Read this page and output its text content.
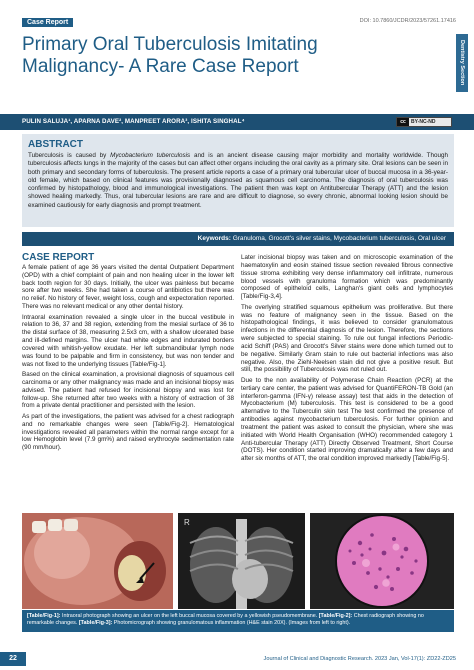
Case Report	DOI: 10.7860/JCDR/2023/57261.17416
Dentistry Section
Primary Oral Tuberculosis Imitating Malignancy- A Rare Case Report
PULIN SALUJA¹, APARNA DAVE², MANPREET ARORA³, ISHITA SINGHAL⁴	cc	BY-NC-ND
ABSTRACT

Tuberculosis is caused by Mycobacterium tuberculosis and is an ancient disease causing major morbidity and mortality worldwide. Though tuberculosis affects lungs in the majority of the cases but can affect other organs including the oral cavity as a primary site. Oral lesions can be seen in both primary and secondary forms of tuberculosis. The present article reports a case of a primary oral tubercular ulcer of buccal mucosa in a 36-year-old female, which based on clinical features was provisionally diagnosed as squamous cell carcinoma. The diagnosis of oral tuberculosis was confirmed by histopathology, blood and immunological investigations. The patient then was kept on Antitubercular Therapy (ATT) and the lesion showed healing markedly. Thus, oral tubercular lesions are rare and are difficult to diagnose, so every chronic, abnormal looking lesion should be examined cautiously for early diagnosis and prompt treatment.

Keywords: Granuloma, Grocott's silver stains, Mycobacterium tuberculosis, Oral ulcer
CASE REPORT

A female patient of age 36 years visited the dental Outpatient Department (OPD) with a chief complaint of pain and non healing ulcer in the lower left back tooth region for 30 days. Initially, the ulcer was painless but became sore after two weeks. She had taken a course of antibiotics but there was no relief. No history of fever, weight loss, cough and expectoration reported. There was no relevant medical or any other dental history.

Intraoral examination revealed a single ulcer in the buccal vestibule in relation to 36, 37 and 38 region, extending from the mesial surface of 36 to the distal surface of 38, measuring 2.5x3 cm, with a shallow ulcerated base and ill-defined margins. The ulcer had white edges and indurated borders covered with whitish-yellow exudate. Her left submandibular lymph node was found to be palpable and firm in consistency, but was non tender and was not fixed to the underlying tissues [Table/Fig-1].

Based on the clinical examination, a provisional diagnosis of squamous cell carcinoma or any other malignancy was made and an incisional biopsy was advised. The patient had refused for incisional biopsy and was lost for follow-up. She returned after two weeks with a history of extraction of 38 from a private dental practitioner and persisted with the lesion.

As part of the investigations, the patient was advised for a chest radiograph and no remarkable changes were seen [Table/Fig-2]. Hematological investigations revealed all parameters within the normal range except for a low Hemoglobin level (7.9 gm%) and raised erythrocyte sedimentation rate (90 mm/hour).

Later incisional biopsy was taken and on microscopic examination of the haematoxylin and eosin stained tissue section revealed fibrous connective tissue stroma exhibiting very dense inflammatory cell infiltrate, numerous blood vessels with granuloma formation which was predominantly composed of epitheloid cells, Langhan's giant cells and lymphocytes [Table/Fig-3,4].

The overlying stratified squamous epithelium was proliferative. But there was no feature of malignancy seen in the tissue. Based on the histopathological findings, it was believed to consider granulomatous infections in the differential diagnosis of the lesion. Therefore, the sections were subjected to special staining. To rule out fungal infections Periodic-acid Schiff (PAS) and Grocott's Silver stains were done which turned out to be negative. Similarly Gram stain to rule out bacterial infections was also negative. Also, the Ziehl-Neelsen stain did not give a positive result. But still, the possibility of Tuberculosis was not ruled out.

Due to the non availability of Polymerase Chain Reaction (PCR) at the tertiary care center, the patient was advised for QuantiFERON-TB Gold (an interferon-gamma (IFN-γ) release assay) test that aids in the detection of Mycobacterium (M) tuberculosis. This test is considered to be a good alternative to the Tuberculin skin test The test confirmed the presence of antibodies against mycobacterium tuberculosis. For further opinion and treatment the patient was asked to consult the physician, where she was initiated with World Health Organisation (WHO) recommended category 1 Anti-tubercular Therapy (ATT) Directly Observed Treatment, Short Course (DOTS). Her condition started improving dramatically after a few days and after six months of ATT, the oral condition improved markedly [Table/Fig-5].

R
[Table/Fig-1]: Intraoral photograph showing an ulcer on the left buccal mucosa covered by a yellowish pseudomembrane. [Table/Fig-2]: Chest radiograph showing no remarkable changes. [Table/Fig-3]: Photomicrograph showing granulomatous inflammation (H&E stain 20X). (Images from left to right).
22	Journal of Clinical and Diagnostic Research. 2023 Jan, Vol-17(1): ZD22-ZD25
